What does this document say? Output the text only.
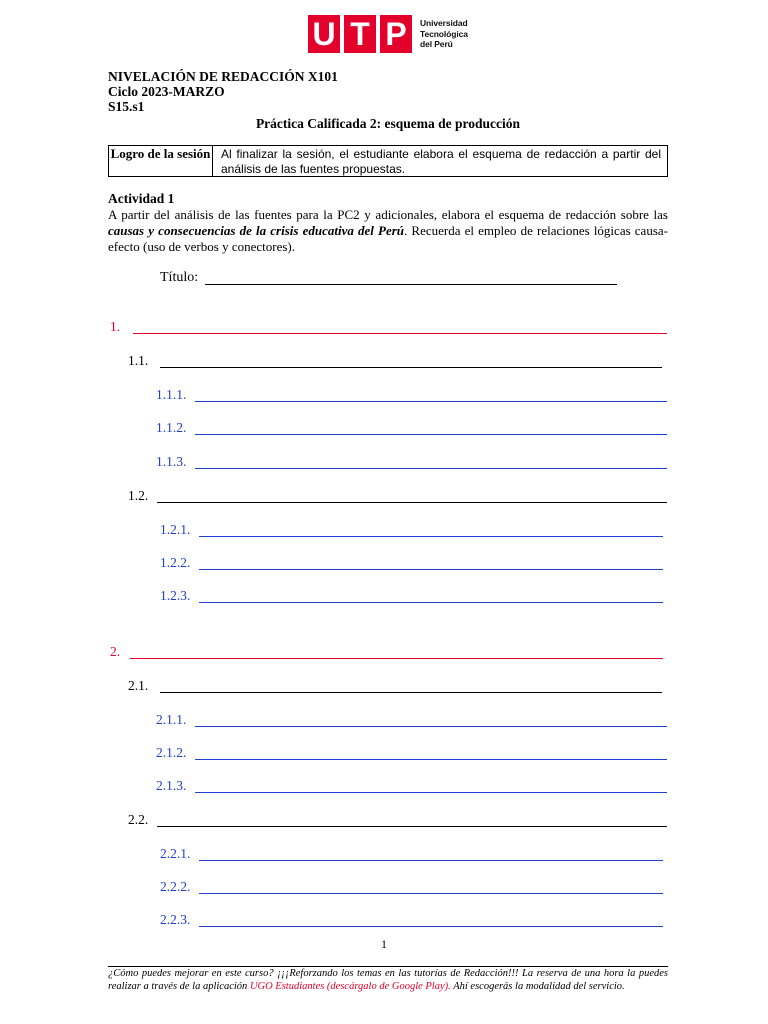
U T P	Universidad
Tecnológica
del Perú
NIVELACIÓN DE REDACCIÓN X101
Ciclo 2023-MARZO
S15.s1
Práctica Calificada 2: esquema de producción
Logro de la sesión Al finalizar la sesión, el estudiante elabora el esquema de redacción a partir del análisis de las fuentes propuestas.
Actividad 1
A partir del análisis de las fuentes para la PC2 y adicionales, elabora el esquema de redacción sobre las causas y consecuencias de la crisis educativa del Perú. Recuerda el empleo de relaciones lógicas causa-efecto (uso de verbos y conectores).
Título:
1.
1.1.
1.1.1.
1.1.2.
1.1.3.
1.2.
1.2.1.
1.2.2.
1.2.3.
2.
2.1.
2.1.1.
2.1.2.
2.1.3.
2.2.
2.2.1.
2.2.2.
2.2.3.
1
¿Cómo puedes mejorar en este curso? ¡¡¡Reforzando los temas en las tutorías de Redacción!!! La reserva de una hora la puedes realizar a través de la aplicación UGO Estudiantes (descárgalo de Google Play). Ahí escogerás la modalidad del servicio.
